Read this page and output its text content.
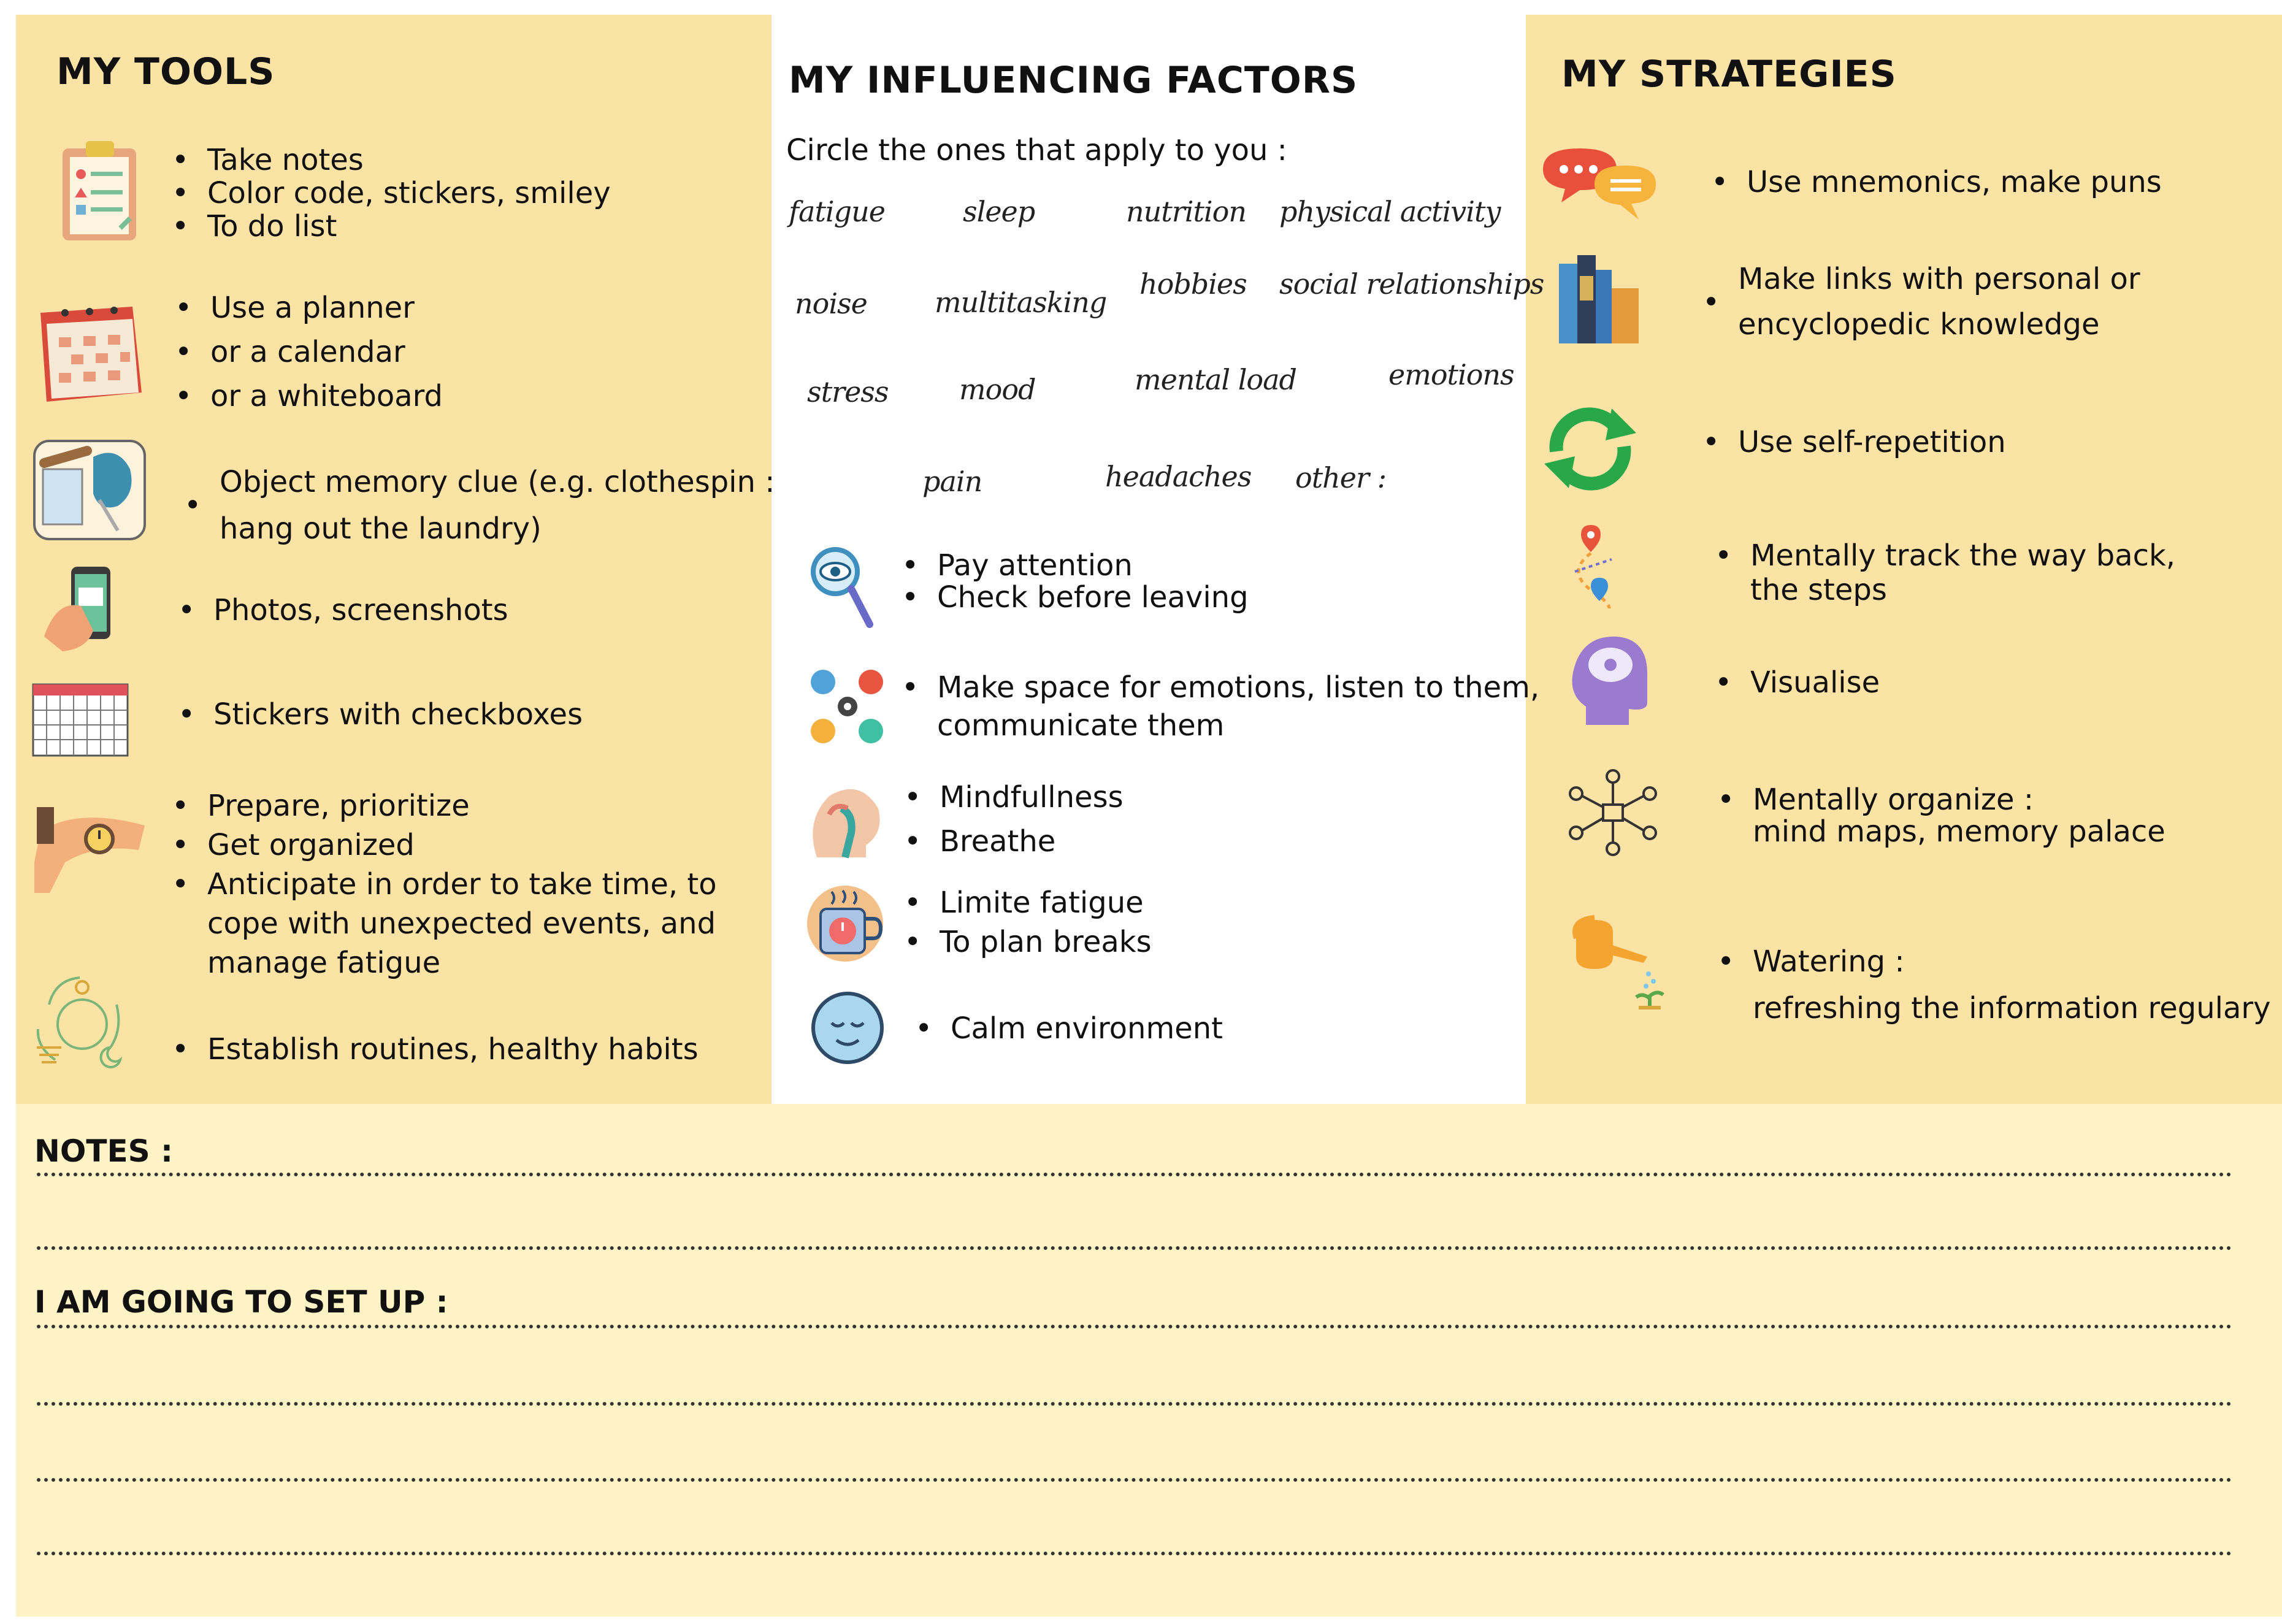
MY TOOLS
• Take notes
• Color code, stickers, smiley
• To do list
• Use a planner
• or a calendar
• or a whiteboard
•
Object memory clue (e.g. clothespin :
hang out the laundry)
• Photos, screenshots
• Stickers with checkboxes
• Prepare, prioritize
• Get organized
• Anticipate in order to take time, to
cope with unexpected events, and
manage fatigue
• Establish routines, healthy habits
MY INFLUENCING FACTORS
Circle the ones that apply to you :
fatigue	sleep	nutrition physical activity
noise multitasking
hobbies social relationships
stress	mood	mental load	emotions
pain	headaches other :
• Pay attention
• Check before leaving
• Make space for emotions, listen to them,
communicate them
• Mindfullness
• Breathe
• Limite fatigue
• To plan breaks
• Calm environment
MY STRATEGIES
• Use mnemonics, make puns
•
Make links with personal or
encyclopedic knowledge
• Use self-repetition
• Mentally track the way back,
the steps
• Visualise
• Mentally organize :
mind maps, memory palace
• Watering :
refreshing the information regulary
NOTES :
I AM GOING TO SET UP :
